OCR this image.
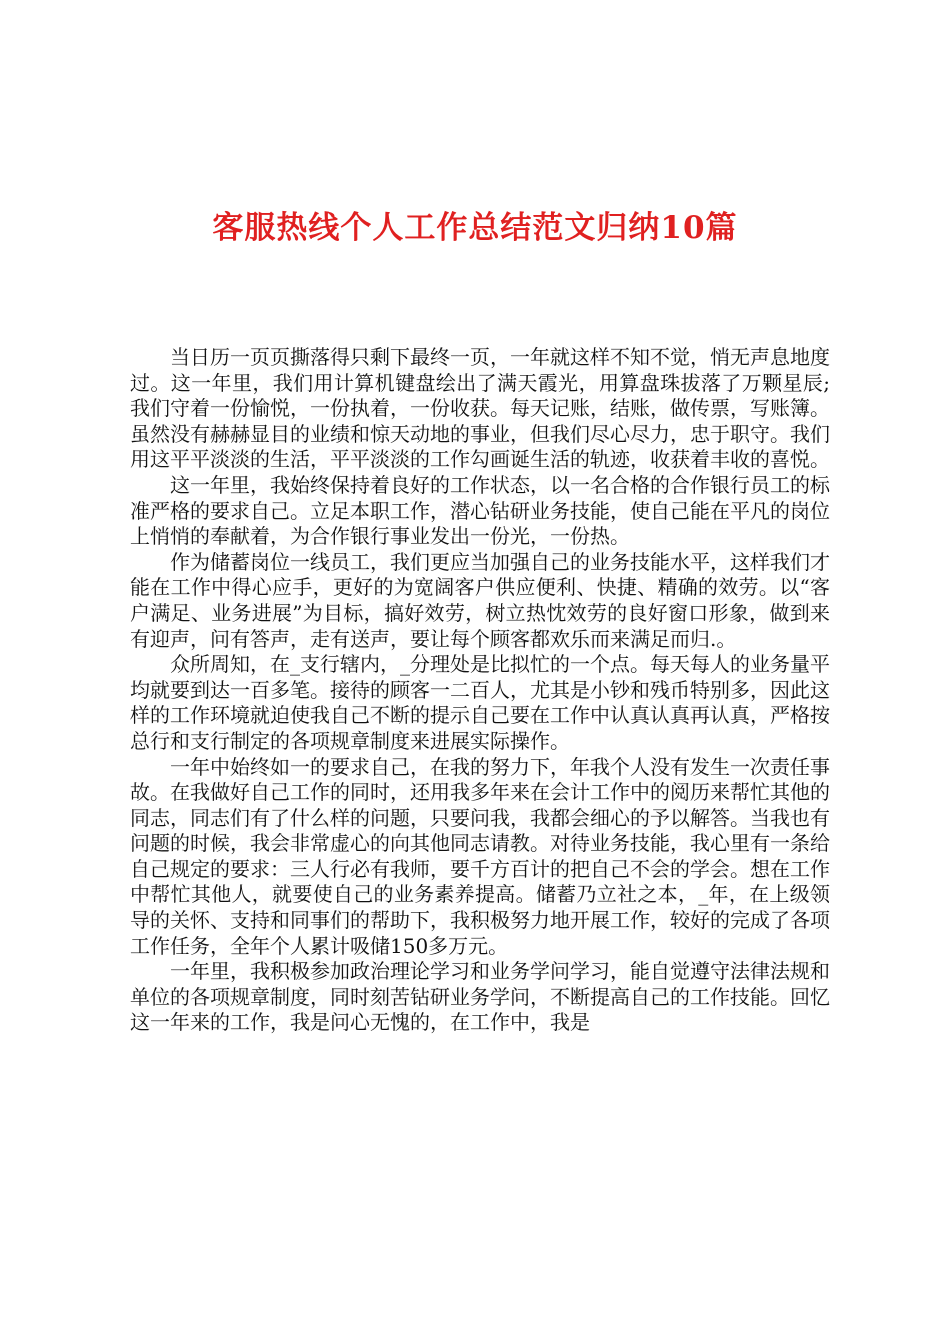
客服热线个人工作总结范文归纳10篇

当日历一页页撕落得只剩下最终一页，一年就这样不知不觉，悄无声息地度过。这一年里，我们用计算机键盘绘出了满天霞光，用算盘珠拔落了万颗星辰;我们守着一份愉悦，一份执着，一份收获。每天记账，结账，做传票，写账簿。虽然没有赫赫显目的业绩和惊天动地的事业，但我们尽心尽力，忠于职守。我们用这平平淡淡的生活，平平淡淡的工作勾画诞生活的轨迹，收获着丰收的喜悦。

这一年里，我始终保持着良好的工作状态，以一名合格的合作银行员工的标准严格的要求自己。立足本职工作，潜心钻研业务技能，使自己能在平凡的岗位上悄悄的奉献着，为合作银行事业发出一份光，一份热。

作为储蓄岗位一线员工，我们更应当加强自己的业务技能水平，这样我们才能在工作中得心应手，更好的为宽阔客户供应便利、快捷、精确的效劳。以“客户满足、业务进展”为目标，搞好效劳，树立热忱效劳的良好窗口形象，做到来有迎声，问有答声，走有送声，要让每个顾客都欢乐而来满足而归.。

众所周知，在_支行辖内，_分理处是比拟忙的一个点。每天每人的业务量平均就要到达一百多笔。接待的顾客一二百人，尤其是小钞和残币特别多，因此这样的工作环境就迫使我自己不断的提示自己要在工作中认真认真再认真，严格按总行和支行制定的各项规章制度来进展实际操作。

一年中始终如一的要求自己，在我的努力下，年我个人没有发生一次责任事故。在我做好自己工作的同时，还用我多年来在会计工作中的阅历来帮忙其他的同志，同志们有了什么样的问题，只要问我，我都会细心的予以解答。当我也有问题的时候，我会非常虚心的向其他同志请教。对待业务技能，我心里有一条给自己规定的要求：三人行必有我师，要千方百计的把自己不会的学会。想在工作中帮忙其他人，就要使自己的业务素养提高。储蓄乃立社之本，_年，在上级领导的关怀、支持和同事们的帮助下，我积极努力地开展工作，较好的完成了各项工作任务，全年个人累计吸储150多万元。

一年里，我积极参加政治理论学习和业务学问学习，能自觉遵守法律法规和单位的各项规章制度，同时刻苦钻研业务学问，不断提高自己的工作技能。回忆这一年来的工作，我是问心无愧的，在工作中，我是
